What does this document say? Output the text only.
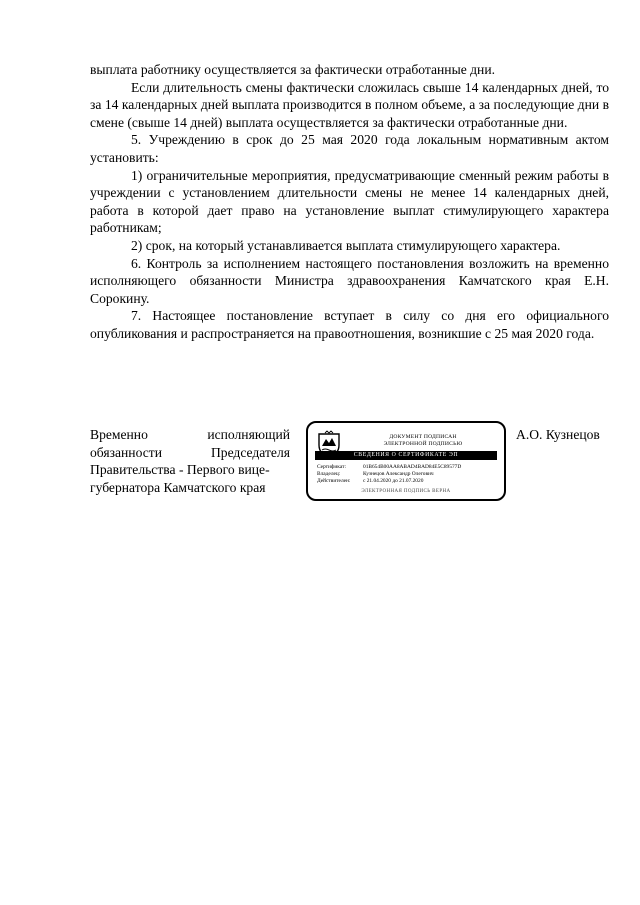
выплата работнику осуществляется за фактически отработанные дни.

Если длительность смены фактически сложилась свыше 14 календарных дней, то за 14 календарных дней выплата производится в полном объеме, а за последующие дни в смене (свыше 14 дней) выплата осуществляется за фактически отработанные дни.

5. Учреждению в срок до 25 мая 2020 года локальным нормативным актом установить:

1) ограничительные мероприятия, предусматривающие сменный режим работы в учреждении с установлением длительности смены не менее 14 календарных дней, работа в которой дает право на установление выплат стимулирующего характера работникам;

2) срок, на который устанавливается выплата стимулирующего характера.

6. Контроль за исполнением настоящего постановления возложить на временно исполняющего обязанности Министра здравоохранения Камчатского края Е.Н. Сорокину.

7. Настоящее постановление вступает в силу со дня его официального опубликования и распространяется на правоотношения, возникшие с 25 мая 2020 года.

Временно	исполняющий
обязанности	Председателя
Правительства - Первого вице-
губернатора Камчатского края
ДОКУМЕНТ ПОДПИСАН
ЭЛЕКТРОННОЙ ПОДПИСЬЮ
СВЕДЕНИЯ О СЕРТИФИКАТЕ ЭП
Сертификат:	01B654B00AA8ABAD4BAD84E5C89577D
Владелец:	Кузнецов Александр Олегович
Действителен: с 21.04.2020 до 21.07.2020
ЭЛЕКТРОННАЯ ПОДПИСЬ ВЕРНА
А.О. Кузнецов
